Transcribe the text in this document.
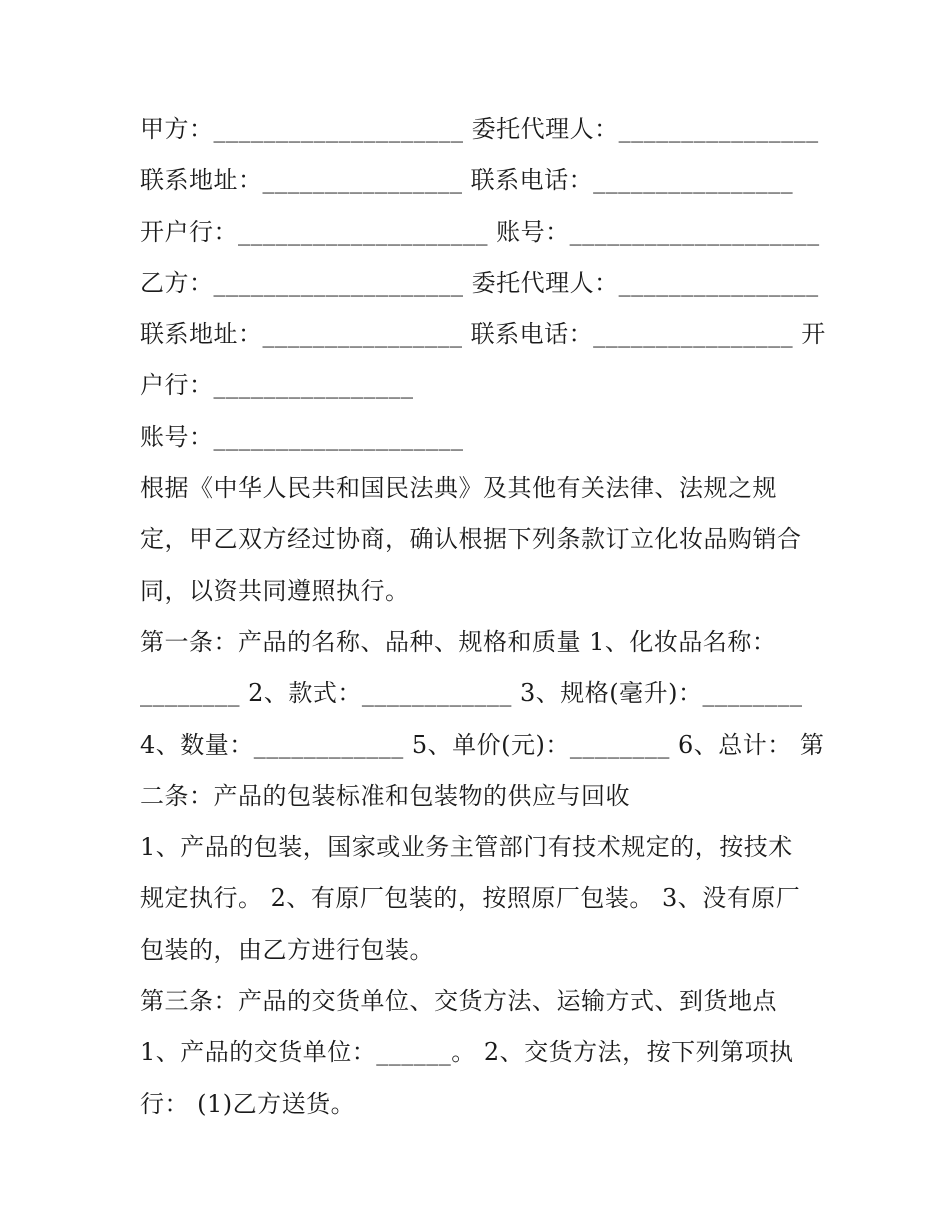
甲方：____________________ 委托代理人：________________
联系地址：________________ 联系电话：________________
开户行：____________________ 账号：____________________
乙方：____________________ 委托代理人：________________
联系地址：________________ 联系电话：________________ 开
户行：________________
账号：____________________
根据《中华人民共和国民法典》及其他有关法律、法规之规
定，甲乙双方经过协商，确认根据下列条款订立化妆品购销合
同，以资共同遵照执行。
第一条：产品的名称、品种、规格和质量 1、化妆品名称：
________ 2、款式：____________ 3、规格(毫升)：________
4、数量：____________ 5、单价(元)：________ 6、总计： 第
二条：产品的包装标准和包装物的供应与回收
1、产品的包装，国家或业务主管部门有技术规定的，按技术
规定执行。 2、有原厂包装的，按照原厂包装。 3、没有原厂
包装的，由乙方进行包装。
第三条：产品的交货单位、交货方法、运输方式、到货地点
1、产品的交货单位：______。 2、交货方法，按下列第项执
行： (1)乙方送货。
